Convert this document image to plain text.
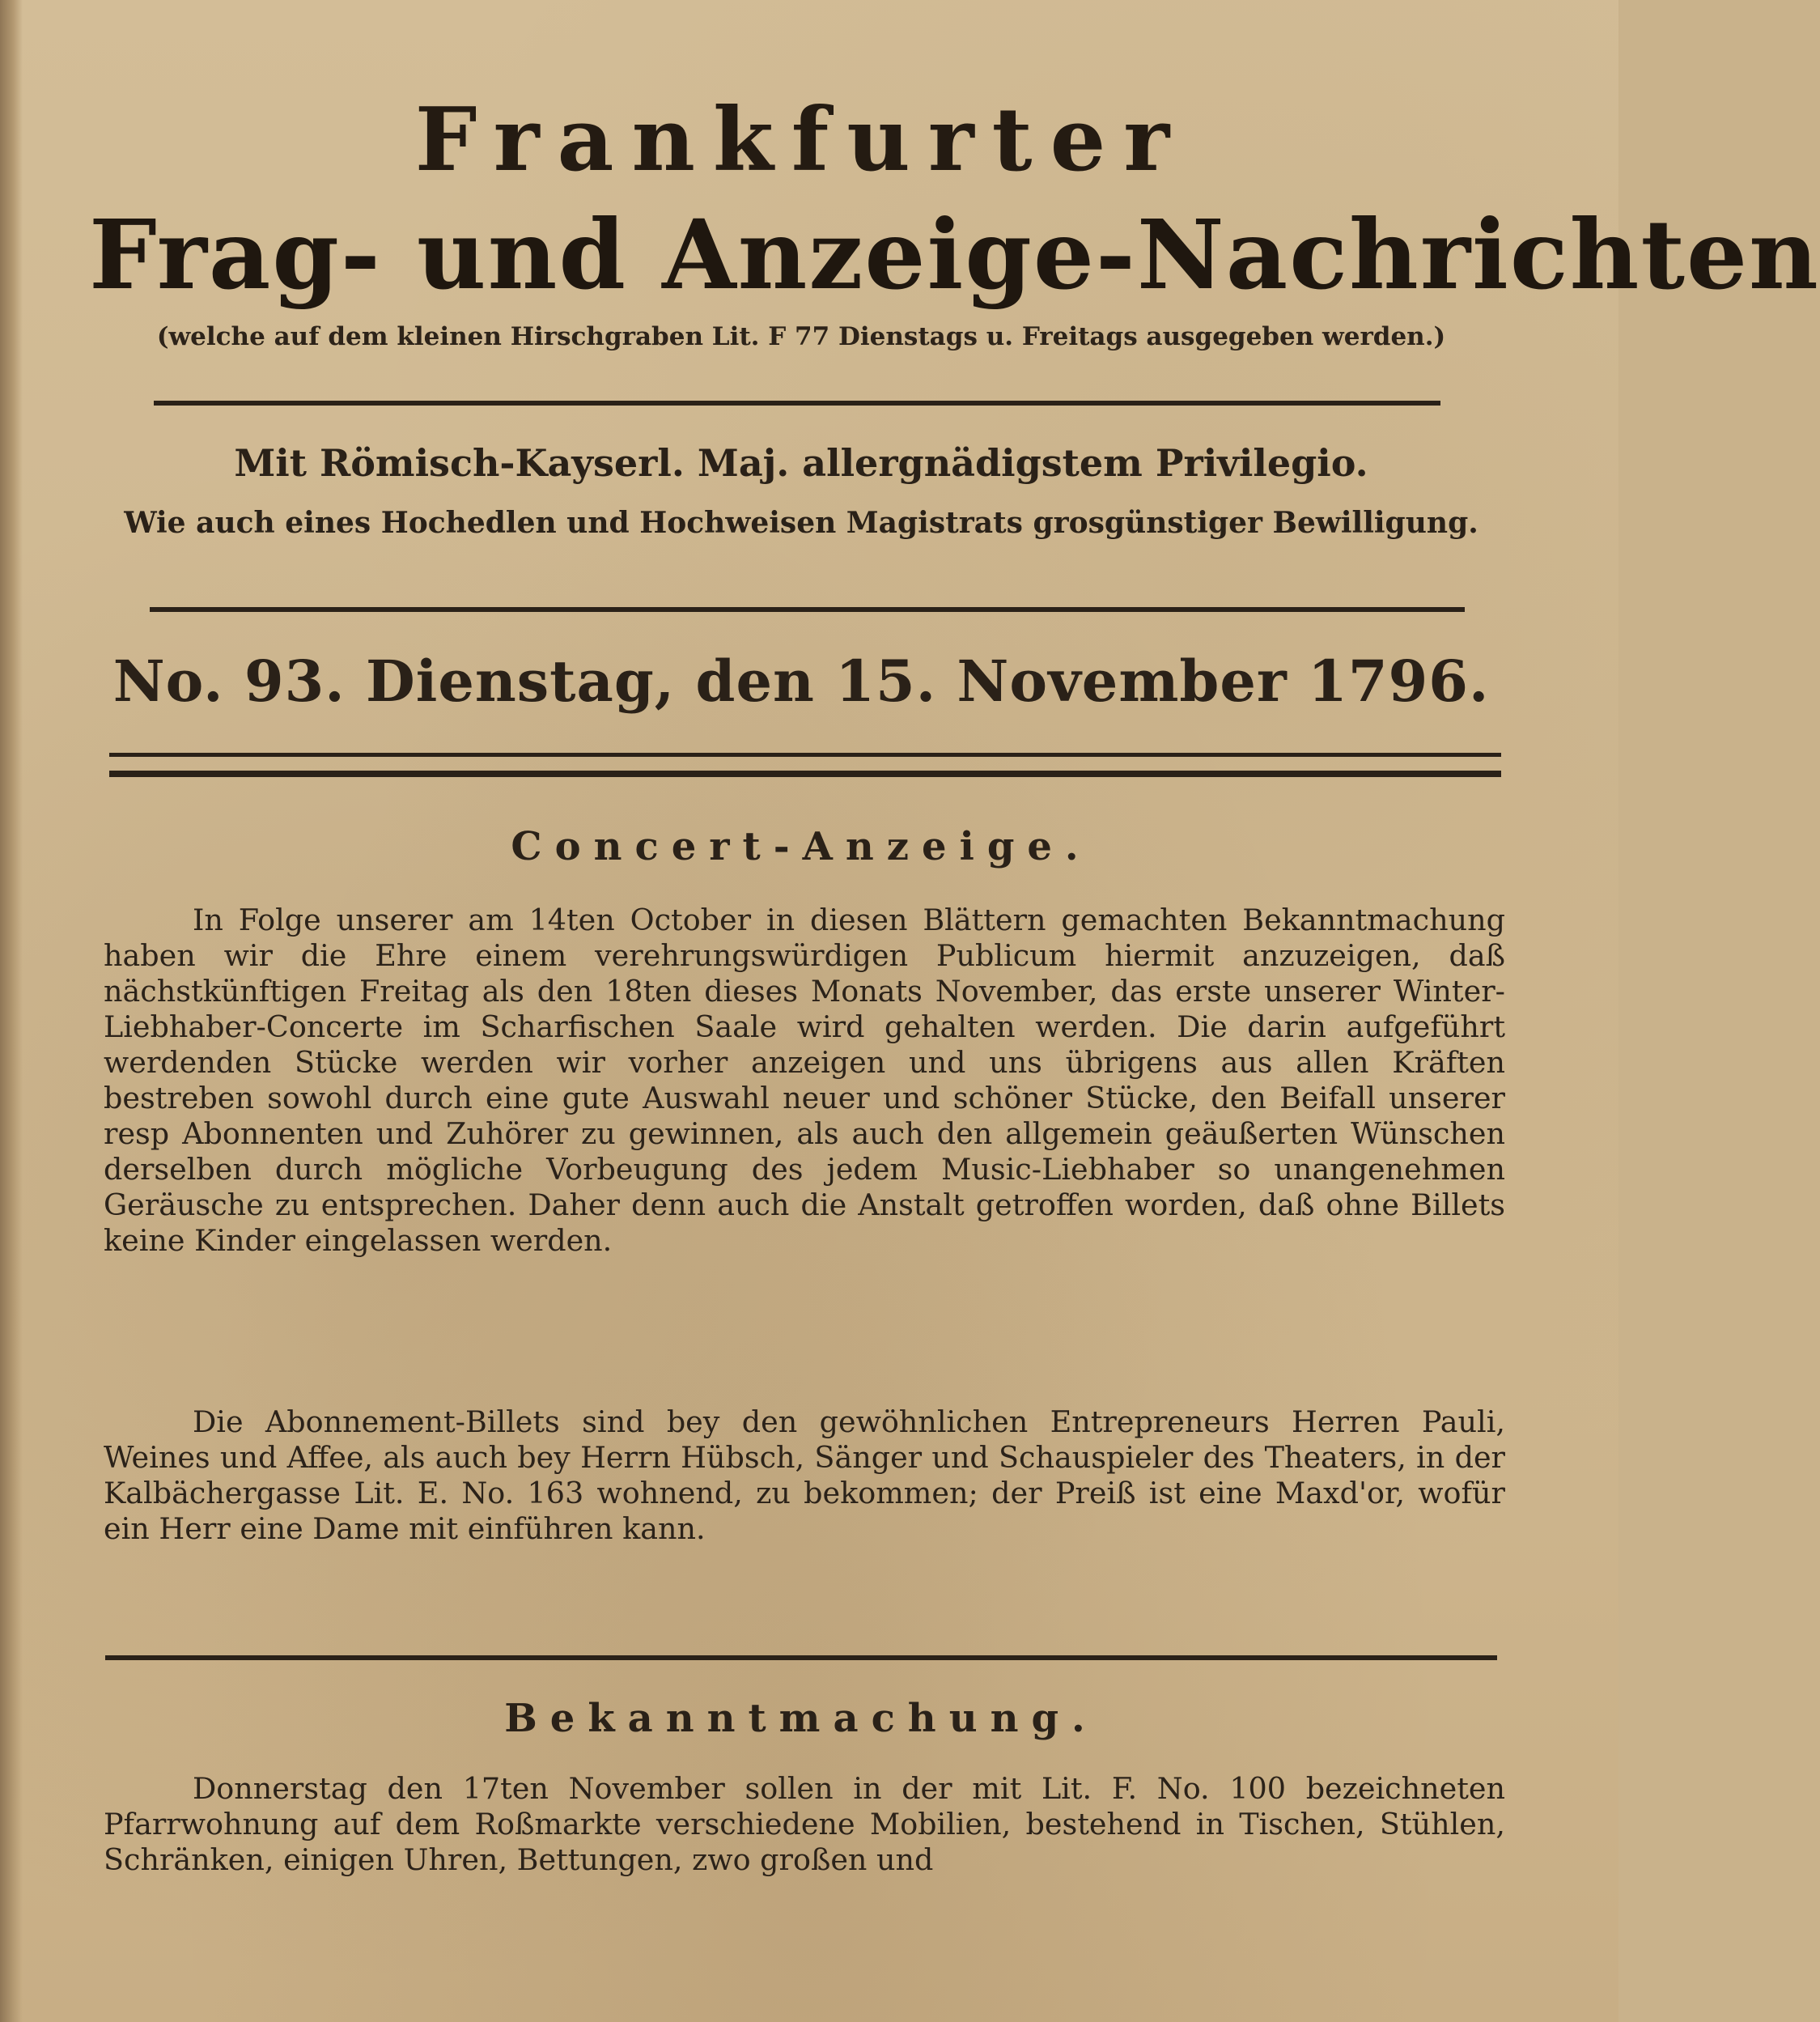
Frankfurter
Frag- und Anzeige-Nachrichten
(welche auf dem kleinen Hirschgraben Lit. F 77 Dienstags u. Freitags ausgegeben werden.)
Mit Römisch-Kayserl. Maj. allergnädigstem Privilegio.
Wie auch eines Hochedlen und Hochweisen Magistrats grosgünstiger Bewilligung.
No. 93. Dienstag, den 15. November 1796.
Concert-Anzeige.
In Folge unserer am 14ten October in diesen Blättern gemachten Bekanntmachung haben wir die Ehre einem verehrungswürdigen Publicum hiermit anzuzeigen, daß nächstkünftigen Freitag als den 18ten dieses Monats November, das erste unserer Winter-Liebhaber-Concerte im Scharfischen Saale wird gehalten werden. Die darin aufgeführt werdenden Stücke werden wir vorher anzeigen und uns übrigens aus allen Kräften bestreben sowohl durch eine gute Auswahl neuer und schöner Stücke, den Beifall unserer resp Abonnenten und Zuhörer zu gewinnen, als auch den allgemein geäußerten Wünschen derselben durch mögliche Vorbeugung des jedem Music-Liebhaber so unangenehmen Geräusche zu entsprechen. Daher denn auch die Anstalt getroffen worden, daß ohne Billets keine Kinder eingelassen werden.
Die Abonnement-Billets sind bey den gewöhnlichen Entrepreneurs Herren Pauli, Weines und Affee, als auch bey Herrn Hübsch, Sänger und Schauspieler des Theaters, in der Kalbächergasse Lit. E. No. 163 wohnend, zu bekommen; der Preiß ist eine Maxd'or, wofür ein Herr eine Dame mit einführen kann.
Bekanntmachung.
Donnerstag den 17ten November sollen in der mit Lit. F. No. 100 bezeichneten Pfarrwohnung auf dem Roßmarkte verschiedene Mobilien, bestehend in Tischen, Stühlen, Schränken, einigen Uhren, Bettungen, zwo großen und
